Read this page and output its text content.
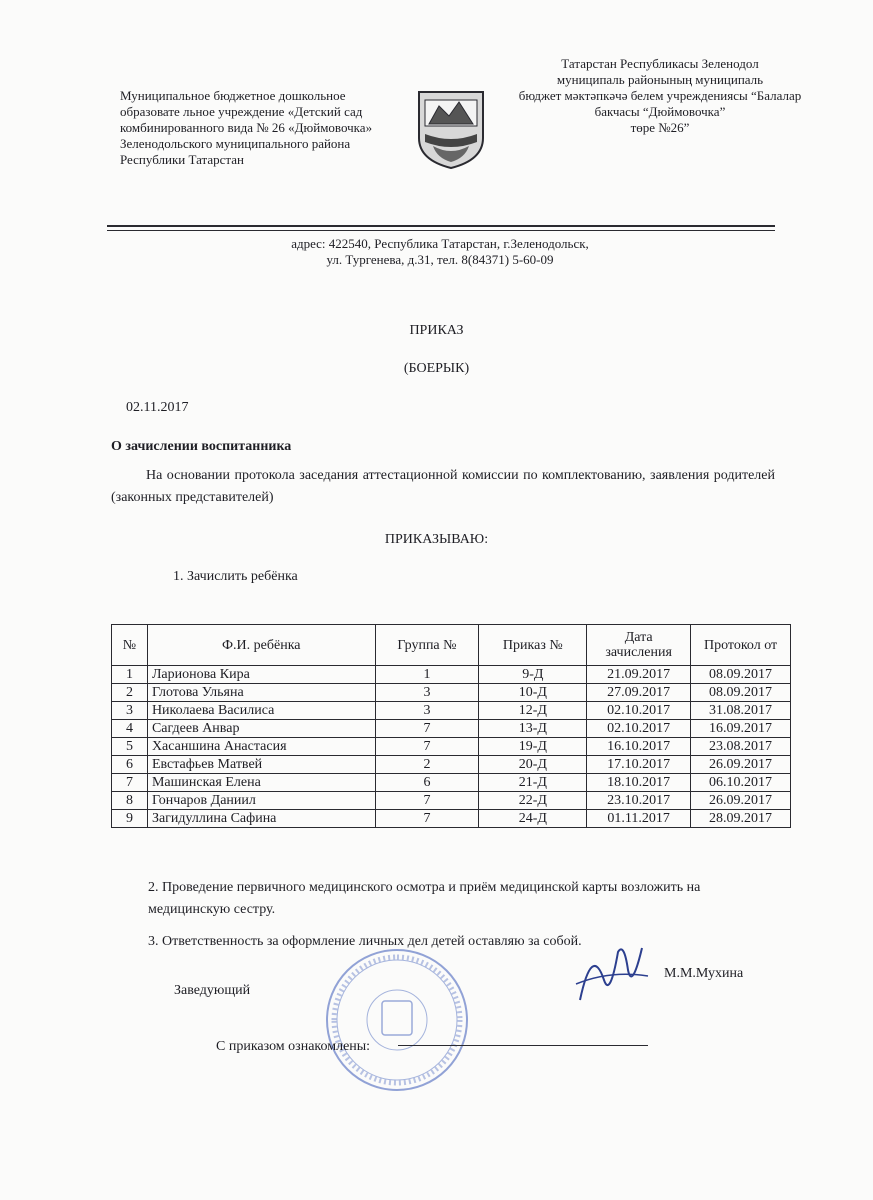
Муниципальное бюджетное дошкольное
образовате льное учреждение «Детский сад
комбинированного вида № 26 «Дюймовочка»
Зеленодольского муниципального района
Республики Татарстан
Татарстан Республикасы Зеленодол
муниципаль районының муниципаль
бюджет мәктәпкәчә белем учреждениясы “Балалар
бакчасы “Дюймовочка”
төре №26”
адрес: 422540, Республика Татарстан, г.Зеленодольск,
ул. Тургенева, д.31, тел. 8(84371) 5-60-09
ПРИКАЗ
(БОЕРЫК)
02.11.2017
О зачислении воспитанника
На основании протокола заседания аттестационной комиссии по комплектованию, заявления родителей (законных представителей)
ПРИКАЗЫВАЮ:
1. Зачислить ребёнка
№	Ф.И. ребёнка	Группа №	Приказ №	Дата зачисления	Протокол от
1	Ларионова Кира	1	9-Д	21.09.2017	08.09.2017
2	Глотова Ульяна	3	10-Д	27.09.2017	08.09.2017
3	Николаева Василиса	3	12-Д	02.10.2017	31.08.2017
4	Сагдеев Анвар	7	13-Д	02.10.2017	16.09.2017
5	Хасаншина Анастасия	7	19-Д	16.10.2017	23.08.2017
6	Евстафьев Матвей	2	20-Д	17.10.2017	26.09.2017
7	Машинская Елена	6	21-Д	18.10.2017	06.10.2017
8	Гончаров Даниил	7	22-Д	23.10.2017	26.09.2017
9	Загидуллина Сафина	7	24-Д	01.11.2017	28.09.2017
2. Проведение первичного медицинского осмотра и приём медицинской карты возложить на медицинскую сестру.
3. Ответственность за оформление личных дел детей оставляю за собой.
Заведующий
М.М.Мухина
С приказом ознакомлены:
